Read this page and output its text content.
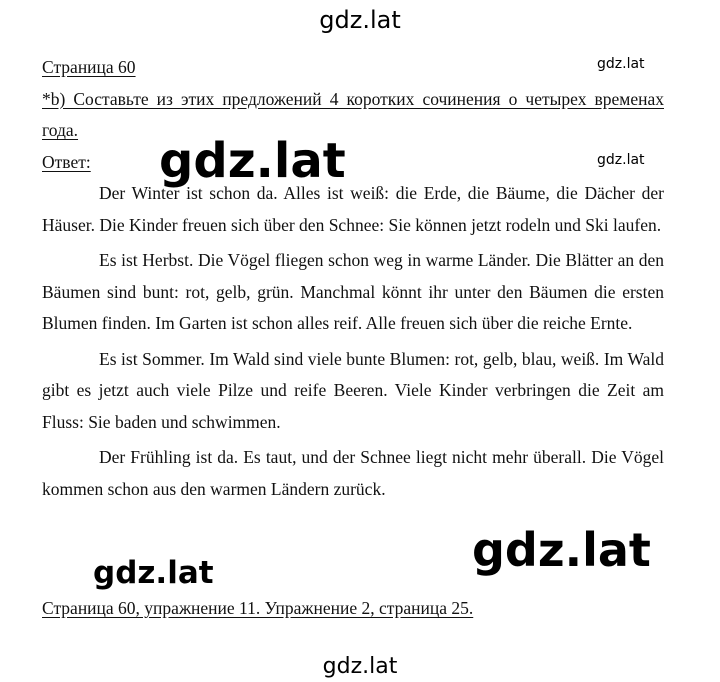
gdz.lat

Страница 60

*b) Составьте из этих предложений 4 коротких сочинения о четырех временах года.

Ответ:

Der Winter ist schon da. Alles ist weiß: die Erde, die Bäume, die Dächer der Häuser. Die Kinder freuen sich über den Schnee: Sie können jetzt rodeln und Ski laufen.

Es ist Herbst. Die Vögel fliegen schon weg in warme Länder. Die Blätter an den Bäumen sind bunt: rot, gelb, grün. Manchmal könnt ihr unter den Bäumen die ersten Blumen finden. Im Garten ist schon alles reif. Alle freuen sich über die reiche Ernte.

Es ist Sommer. Im Wald sind viele bunte Blumen: rot, gelb, blau, weiß. Im Wald gibt es jetzt auch viele Pilze und reife Beeren. Viele Kinder verbringen die Zeit am Fluss: Sie baden und schwimmen.

Der Frühling ist da. Es taut, und der Schnee liegt nicht mehr überall. Die Vögel kommen schon aus den warmen Ländern zurück.

Страница 60, упражнение 11. Упражнение 2, страница 25.
gdz.lat
gdz.lat
gdz.lat
gdz.lat
gdz.lat
gdz.lat
